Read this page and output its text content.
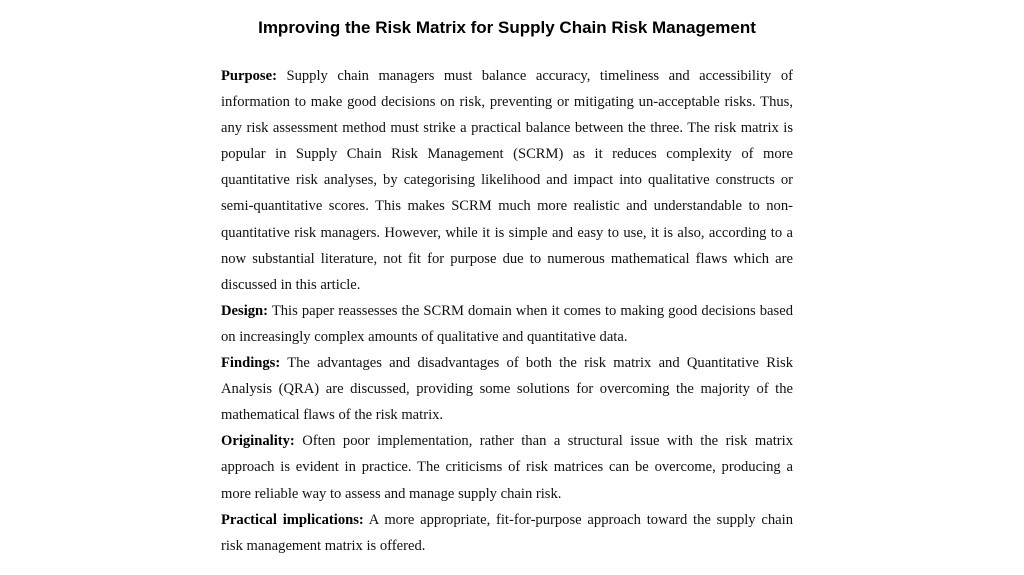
Improving the Risk Matrix for Supply Chain Risk Management

Purpose: Supply chain managers must balance accuracy, timeliness and accessibility of information to make good decisions on risk, preventing or mitigating un-acceptable risks. Thus, any risk assessment method must strike a practical balance between the three. The risk matrix is popular in Supply Chain Risk Management (SCRM) as it reduces complexity of more quantitative risk analyses, by categorising likelihood and impact into qualitative constructs or semi-quantitative scores. This makes SCRM much more realistic and understandable to non-quantitative risk managers. However, while it is simple and easy to use, it is also, according to a now substantial literature, not fit for purpose due to numerous mathematical flaws which are discussed in this article.

Design: This paper reassesses the SCRM domain when it comes to making good decisions based on increasingly complex amounts of qualitative and quantitative data.

Findings: The advantages and disadvantages of both the risk matrix and Quantitative Risk Analysis (QRA) are discussed, providing some solutions for overcoming the majority of the mathematical flaws of the risk matrix.

Originality: Often poor implementation, rather than a structural issue with the risk matrix approach is evident in practice. The criticisms of risk matrices can be overcome, producing a more reliable way to assess and manage supply chain risk.

Practical implications: A more appropriate, fit-for-purpose approach toward the supply chain risk management matrix is offered.
